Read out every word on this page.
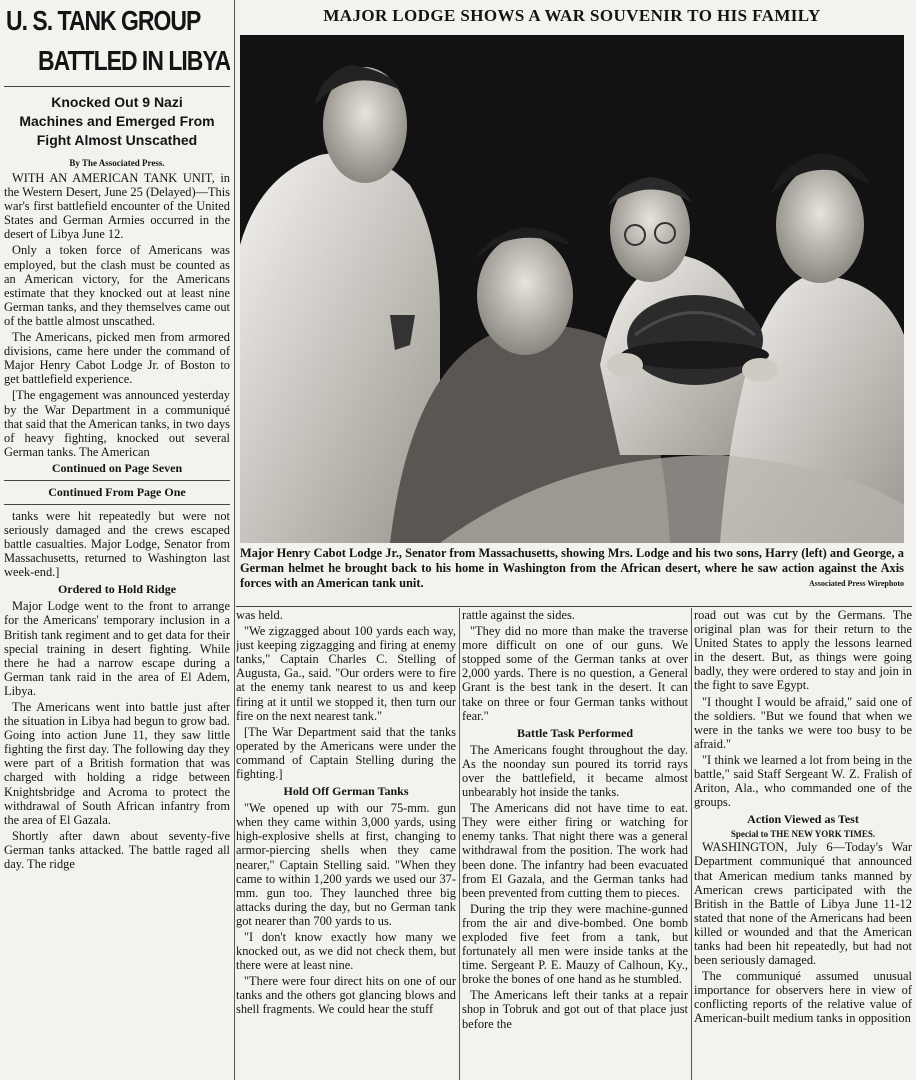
U. S. TANK GROUP
BATTLED IN LIBYA
Knocked Out 9 Nazi Machines and Emerged From Fight Almost Unscathed
By The Associated Press.

WITH AN AMERICAN TANK UNIT, in the Western Desert, June 25 (Delayed)—This war's first battlefield encounter of the United States and German Armies occurred in the desert of Libya June 12.

Only a token force of Americans was employed, but the clash must be counted as an American victory, for the Americans estimate that they knocked out at least nine German tanks, and they themselves came out of the battle almost unscathed.

The Americans, picked men from armored divisions, came here under the command of Major Henry Cabot Lodge Jr. of Boston to get battlefield experience.

[The engagement was announced yesterday by the War Department in a communiqué that said that the American tanks, in two days of heavy fighting, knocked out several German tanks. The American

Continued on Page Seven
Continued From Page One

tanks were hit repeatedly but were not seriously damaged and the crews escaped battle casualties. Major Lodge, Senator from Massachusetts, returned to Washington last week-end.]

Ordered to Hold Ridge

Major Lodge went to the front to arrange for the Americans' temporary inclusion in a British tank regiment and to get data for their special training in desert fighting. While there he had a narrow escape during a German tank raid in the area of El Adem, Libya.

The Americans went into battle just after the situation in Libya had begun to grow bad. Going into action June 11, they saw little fighting the first day. The following day they were part of a British formation that was charged with holding a ridge between Knightsbridge and Acroma to protect the withdrawal of South African infantry from the area of El Gazala.

Shortly after dawn about seventy-five German tanks attacked. The battle raged all day. The ridge

MAJOR LODGE SHOWS A WAR SOUVENIR TO HIS FAMILY
Major Henry Cabot Lodge Jr., Senator from Massachusetts, showing Mrs. Lodge and his two sons, Harry (left) and George, a German helmet he brought back to his home in Washington from the African desert, where he saw action against the Axis forces with an American tank unit.	Associated Press Wirephoto

was held.

"We zigzagged about 100 yards each way, just keeping zigzagging and firing at enemy tanks," Captain Charles C. Stelling of Augusta, Ga., said. "Our orders were to fire at the enemy tank nearest to us and keep firing at it until we stopped it, then turn our fire on the next nearest tank."

[The War Department said that the tanks operated by the Americans were under the command of Captain Stelling during the fighting.]

Hold Off German Tanks

"We opened up with our 75-mm. gun when they came within 3,000 yards, using high-explosive shells at first, changing to armor-piercing shells when they came nearer," Captain Stelling said. "When they came to within 1,200 yards we used our 37-mm. gun too. They launched three big attacks during the day, but no German tank got nearer than 700 yards to us.

"I don't know exactly how many we knocked out, as we did not check them, but there were at least nine.

"There were four direct hits on one of our tanks and the others got glancing blows and shell fragments. We could hear the stuff

rattle against the sides.

"They did no more than make the traverse more difficult on one of our guns. We stopped some of the German tanks at over 2,000 yards. There is no question, a General Grant is the best tank in the desert. It can take on three or four German tanks without fear."

Battle Task Performed

The Americans fought throughout the day. As the noonday sun poured its torrid rays over the battlefield, it became almost unbearably hot inside the tanks.

The Americans did not have time to eat. They were either firing or watching for enemy tanks. That night there was a general withdrawal from the position. The work had been done. The infantry had been evacuated from El Gazala, and the German tanks had been prevented from cutting them to pieces.

During the trip they were machine-gunned from the air and dive-bombed. One bomb exploded five feet from a tank, but fortunately all men were inside tanks at the time. Sergeant P. E. Mauzy of Calhoun, Ky., broke the bones of one hand as he stumbled.

The Americans left their tanks at a repair shop in Tobruk and got out of that place just before the

road out was cut by the Germans. The original plan was for their return to the United States to apply the lessons learned in the desert. But, as things were going badly, they were ordered to stay and join in the fight to save Egypt.

"I thought I would be afraid," said one of the soldiers. "But we found that when we were in the tanks we were too busy to be afraid."

"I think we learned a lot from being in the battle," said Staff Sergeant W. Z. Fralish of Ariton, Ala., who commanded one of the groups.

Action Viewed as Test
Special to THE NEW YORK TIMES.

WASHINGTON, July 6—Today's War Department communiqué that announced that American medium tanks manned by American crews participated with the British in the Battle of Libya June 11-12 stated that none of the Americans had been killed or wounded and that the American tanks had been hit repeatedly, but had not been seriously damaged.

The communiqué assumed unusual importance for observers here in view of conflicting reports of the relative value of American-built medium tanks in opposition
